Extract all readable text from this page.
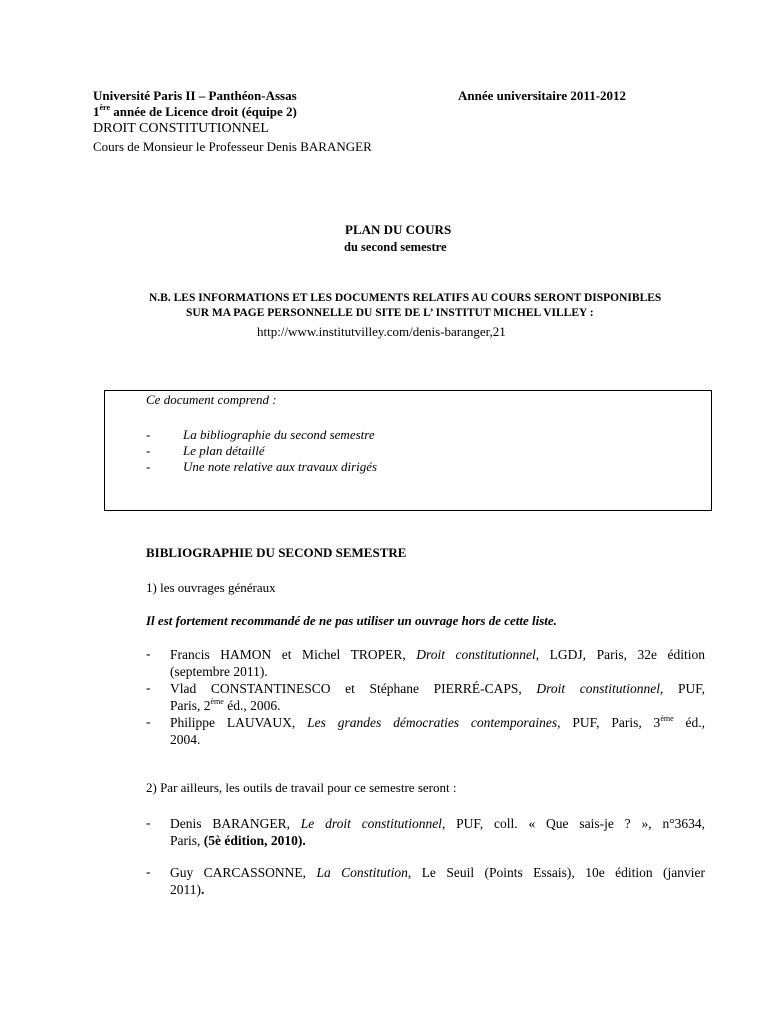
Université Paris II – Panthéon-Assas	Année universitaire 2011-2012
1ère année de Licence droit (équipe 2)
DROIT CONSTITUTIONNEL
Cours de Monsieur le Professeur Denis BARANGER
PLAN DU COURS
du second semestre
N.B. LES INFORMATIONS ET LES DOCUMENTS RELATIFS AU COURS SERONT DISPONIBLES
SUR MA PAGE PERSONNELLE DU SITE DE L’ INSTITUT MICHEL VILLEY :
http://www.institutvilley.com/denis-baranger,21
Ce document comprend :
-	La bibliographie du second semestre
-	Le plan détaillé
-	Une note relative aux travaux dirigés
BIBLIOGRAPHIE DU SECOND SEMESTRE
1) les ouvrages généraux
Il est fortement recommandé de ne pas utiliser un ouvrage hors de cette liste.
- Francis HAMON et Michel TROPER, Droit constitutionnel, LGDJ, Paris, 32e édition
(septembre 2011).
- Vlad CONSTANTINESCO et Stéphane PIERRÉ-CAPS, Droit constitutionnel, PUF,
Paris, 2ème éd., 2006.
- Philippe LAUVAUX, Les grandes démocraties contemporaines, PUF, Paris, 3ème éd.,
2004.
2) Par ailleurs, les outils de travail pour ce semestre seront :
- Denis BARANGER, Le droit constitutionnel, PUF, coll. « Que sais-je ? », n°3634,
Paris, (5è édition, 2010).
- Guy CARCASSONNE, La Constitution, Le Seuil (Points Essais), 10e édition (janvier
2011).
